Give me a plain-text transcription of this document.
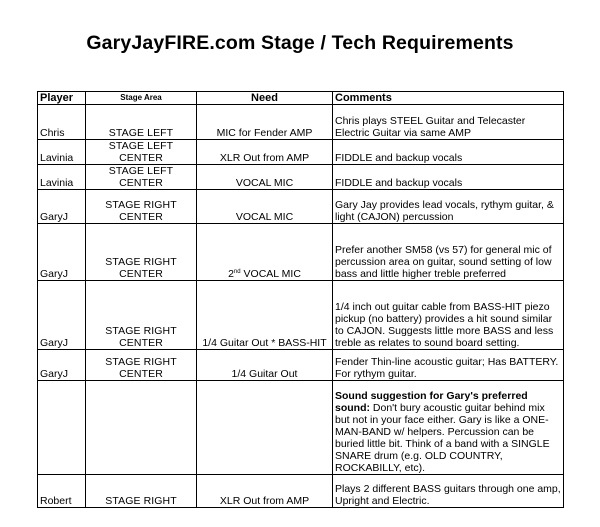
GaryJayFIRE.com Stage / Tech Requirements
Player	Stage Area	Need	Comments
Chris	STAGE LEFT	MIC for Fender AMP	Chris plays STEEL Guitar and Telecaster Electric Guitar via same AMP
Lavinia	STAGE LEFT CENTER	XLR Out from AMP	FIDDLE and backup vocals
Lavinia	STAGE LEFT CENTER	VOCAL MIC	FIDDLE and backup vocals
GaryJ	STAGE RIGHT CENTER	VOCAL MIC	Gary Jay provides lead vocals, rythym guitar, & light (CAJON) percussion
GaryJ	STAGE RIGHT CENTER	2nd VOCAL MIC	Prefer another SM58 (vs 57) for general mic of percussion area on guitar, sound setting of low bass and little higher treble preferred
GaryJ	STAGE RIGHT CENTER	1/4 Guitar Out * BASS-HIT	1/4 inch out guitar cable from BASS-HIT piezo pickup (no battery) provides a hit sound similar to CAJON. Suggests little more BASS and less treble as relates to sound board setting.
GaryJ	STAGE RIGHT CENTER	1/4 Guitar Out	Fender Thin-line acoustic guitar; Has BATTERY. For rythym guitar.
			Sound suggestion for Gary's preferred sound: Don't bury acoustic guitar behind mix but not in your face either. Gary is like a ONE-MAN-BAND w/ helpers. Percussion can be buried little bit. Think of a band with a SINGLE SNARE drum (e.g. OLD COUNTRY, ROCKABILLY, etc).
Robert	STAGE RIGHT	XLR Out from AMP	Plays 2 different BASS guitars through one amp, Upright and Electric.
